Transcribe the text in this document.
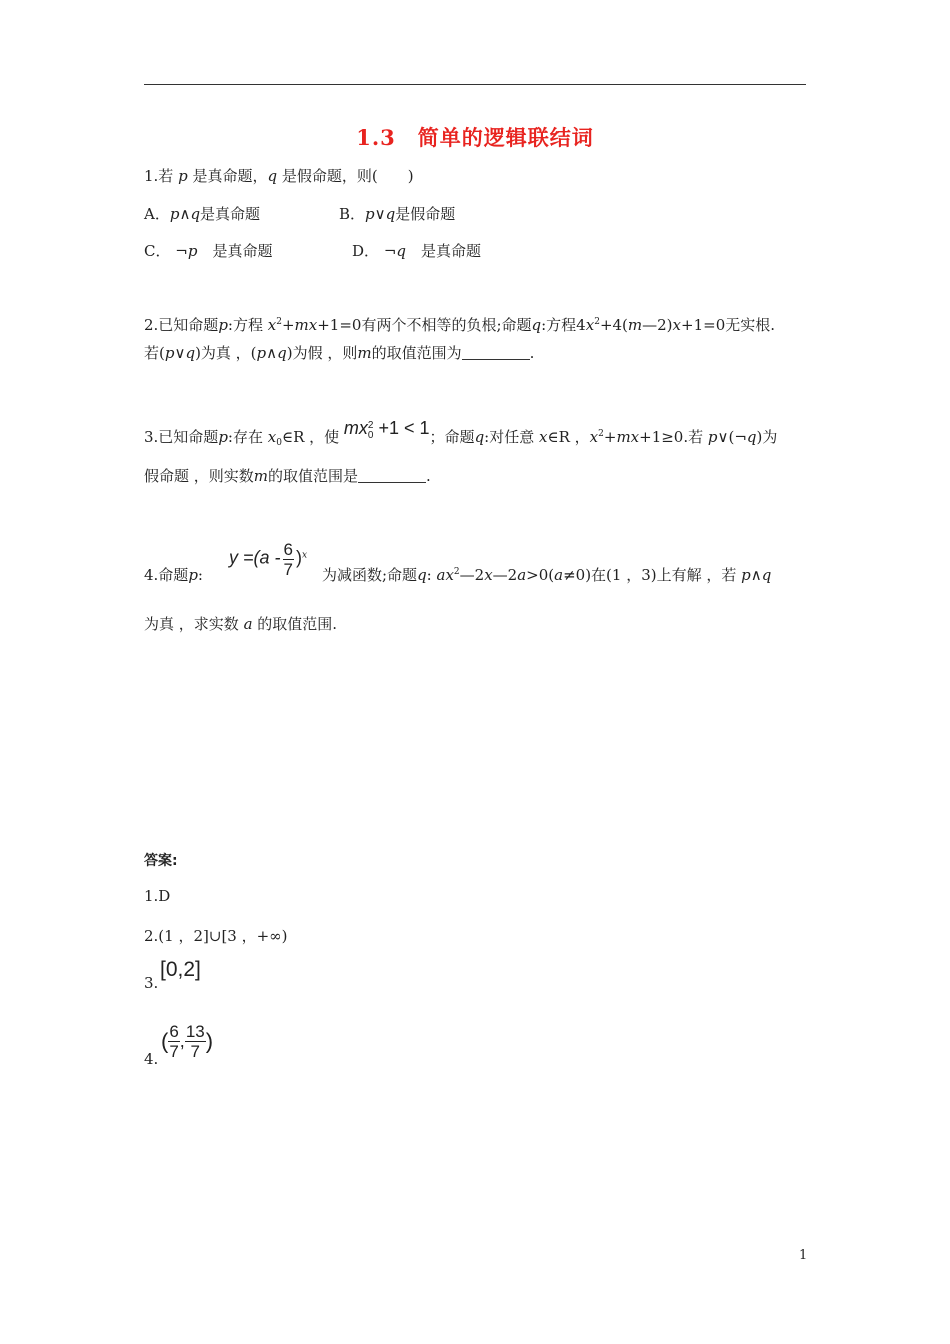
1.3　简单的逻辑联结词
1.若 p 是真命题，q 是假命题，则(　　)
A．p∧q是真命题	B．p∨q是假命题
C． ¬p　 是真命题	D． ¬q　 是真命题
2.已知命题p:方程 $x^2+mx+1=0$有两个不相等的负根;命题q:方程$4x^2+4(m—2)x+1=0$无实根.
若(p∨q)为真 ，(p∧q)为假 ，则m的取值范围为	.
3.已知命题p:存在 $x_0\in R$ ，使 mx 2
0 +1 < 1；命题q:对任意 x∈R ，$x^2+mx+1\ge 0$.若 p∨(¬q)为
假命题 ，则实数m的取值范围是	.
4.命题p:
$y =(a - \frac{6}{7} )^x$
为减函数;命题q: $ax^2—2x—2a>0(a\ne 0)$在(1 ，3)上有解 ，若 p∧q
为真 ，求实数 a 的取值范围.
答案:
1.D
2.(1 ，2]∪[3 ，+∞)
3.
[0,2]
4.
( $\frac{6}{7}$ , $\frac{13}{7}$ )
1
